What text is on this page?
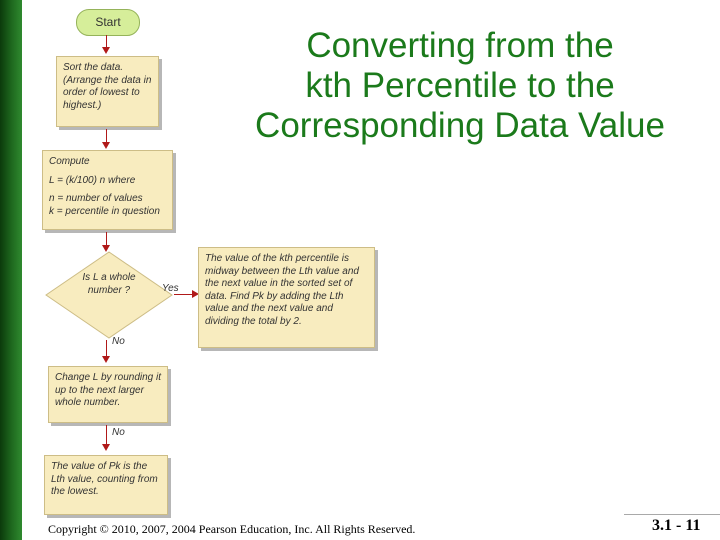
Converting from the
kth Percentile to the
Corresponding Data Value
Start
Sort the data. (Arrange the data in order of lowest to highest.)
Compute
L = (k/100) n where
n = number of values
k = percentile in question
Is L a whole number ?	Yes
The value of the kth percentile is midway between the Lth value and the next value in the sorted set of data. Find Pk by adding the Lth value and the next value and dividing the total by 2.
No
Change L by rounding it up to the next larger whole number.
No
The value of Pk is the Lth value, counting from the lowest.
Copyright © 2010, 2007, 2004 Pearson Education, Inc. All Rights Reserved.	3.1 - 11
